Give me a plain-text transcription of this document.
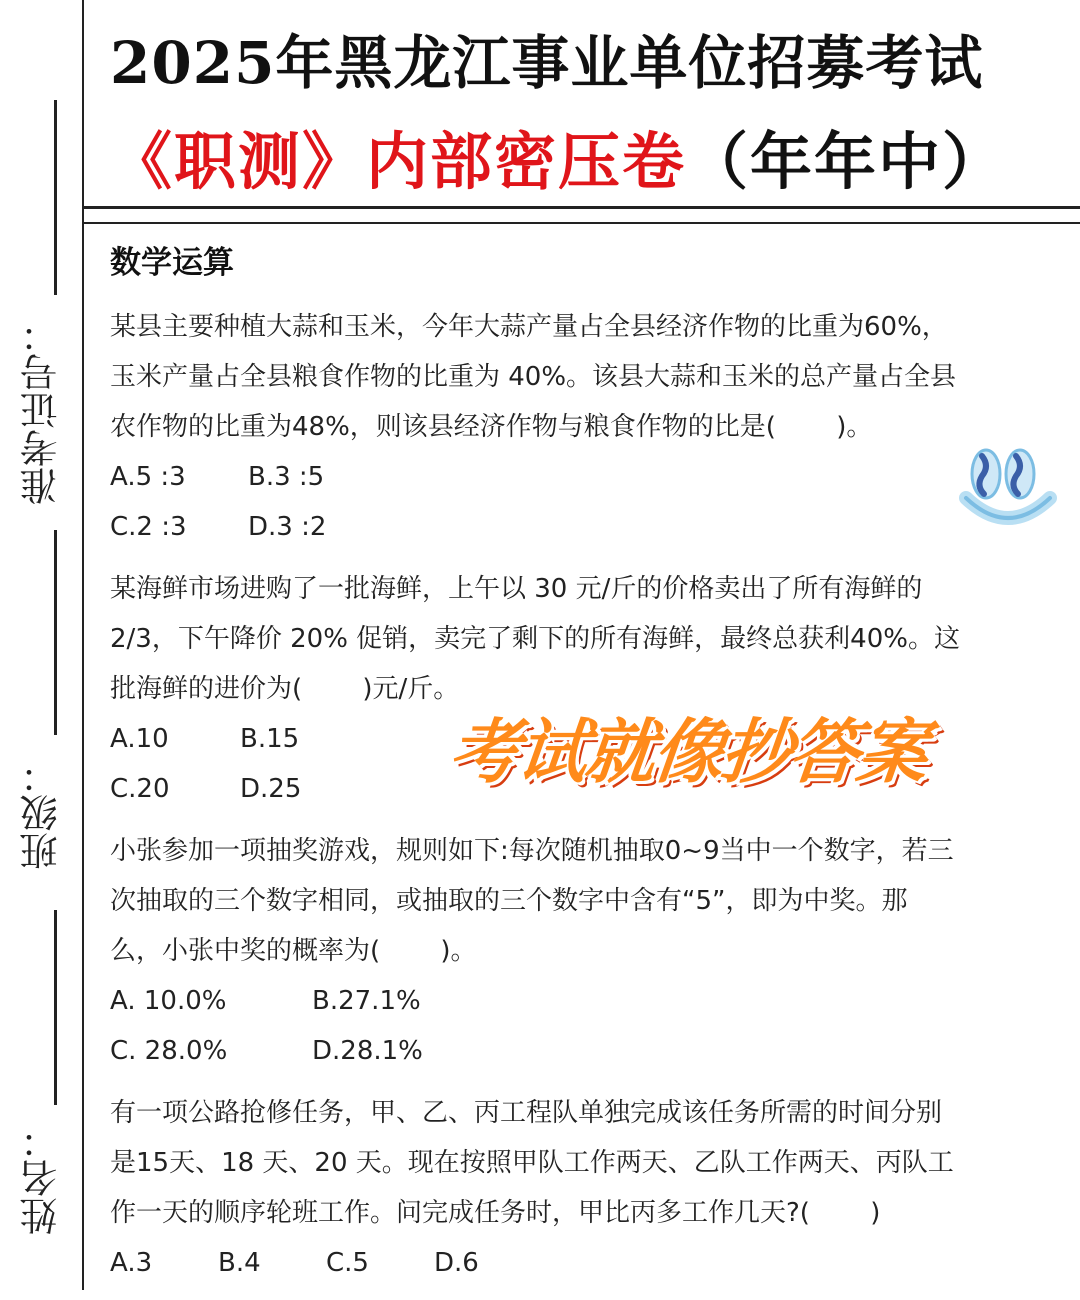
准考证号：
班级：
姓名：
2025年黑龙江事业单位招募考试
《职测》内部密压卷（年年中）
数学运算

某县主要种植大蒜和玉米，今年大蒜产量占全县经济作物的比重为60%，

玉米产量占全县粮食作物的比重为 40%。该县大蒜和玉米的总产量占全县

农作物的比重为48%，则该县经济作物与粮食作物的比是(　　 )。

A.5 :3 B.3 :5
C.2 :3 D.3 :2

某海鲜市场进购了一批海鲜，上午以 30 元/斤的价格卖出了所有海鲜的

2/3，下午降价 20% 促销，卖完了剩下的所有海鲜，最终总获利40%。这

批海鲜的进价为(　　 )元/斤。

A.10	B.15
C.20	D.25

小张参加一项抽奖游戏，规则如下:每次随机抽取0~9当中一个数字，若三

次抽取的三个数字相同，或抽取的三个数字中含有“5”，即为中奖。那

么，小张中奖的概率为(　　 )。

A. 10.0%	B.27.1%
C. 28.0%	D.28.1%

有一项公路抢修任务，甲、乙、丙工程队单独完成该任务所需的时间分别

是15天、18 天、20 天。现在按照甲队工作两天、乙队工作两天、丙队工

作一天的顺序轮班工作。问完成任务时，甲比丙多工作几天?(　　 )

A.3	B.4	C.5	D.6
考试就像抄答案
